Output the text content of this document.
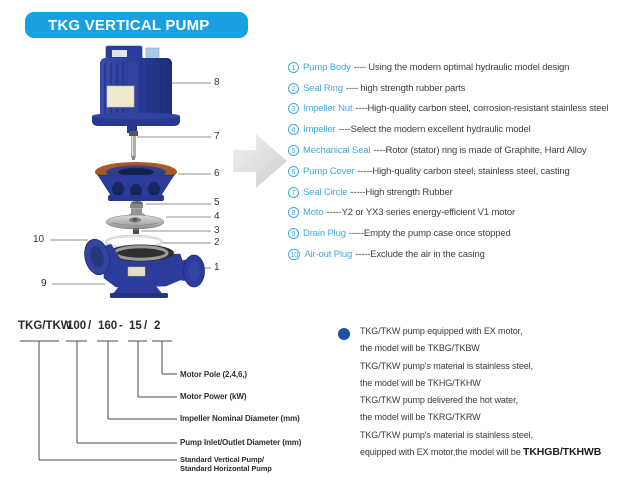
TKG VERTICAL PUMP
8
7
6
5
4
3
2
1
10
9
1 Pump Body ---- Using the modern optimal hydraulic model design
2 Seal Ring ---- high strength rubber parts
3 Impeller Nut ----High-quality carbon steel, corrosion-resistant stainless steel
4 Impeller ----Select the modern excellent hydraulic model
5 Mechanical Seal ----Rotor (stator) ring is made of Graphite, Hard Alloy
6 Pump Cover -----High-quality carbon steel, stainless steel, casting
7 Seal Circle -----High strength Rubber
8 Moto -----Y2 or YX3 series energy-efficient V1 motor
9 Drain Plug -----Empty the pump case once stopped
10 Air-out Plug -----Exclude the air in the casing
TKG/TKW
100 / 160 - 15 / 2
Motor Pole (2,4,6,)
Motor Power (kW)
Impeller Nominal Diameter (mm)
Pump Inlet/Outlet Diameter (mm)
Standard Vertical Pump/
Standard Horizontal Pump
TKG/TKW pump equipped with EX motor,
the model will be TKBG/TKBW
TKG/TKW pump's material is stainless steel,
the model will be TKHG/TKHW
TKG/TKW pump delivered the hot water,
the model will be TKRG/TKRW
TKG/TKW pump's material is stainless steel,
equipped with EX motor,the model will be TKHGB/TKHWB
